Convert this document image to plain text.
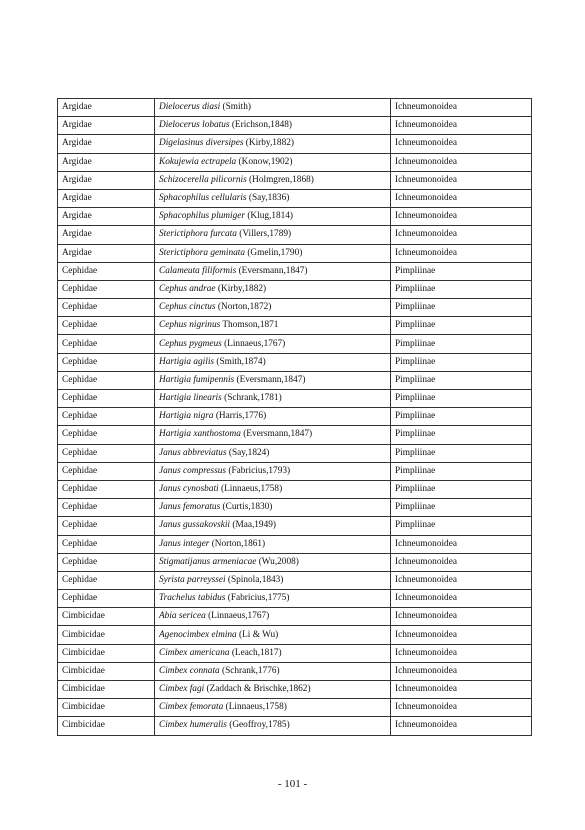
Argidae	Dielocerus diasi (Smith)	Ichneumonoidea
Argidae	Dielocerus lobatus (Erichson,1848)	Ichneumonoidea
Argidae	Digelasinus diversipes (Kirby,1882)	Ichneumonoidea
Argidae	Kokujewia ectrapela (Konow,1902)	Ichneumonoidea
Argidae	Schizocerella pilicornis (Holmgren,1868)	Ichneumonoidea
Argidae	Sphacophilus cellularis (Say,1836)	Ichneumonoidea
Argidae	Sphacophilus plumiger (Klug,1814)	Ichneumonoidea
Argidae	Sterictiphora furcata (Villers,1789)	Ichneumonoidea
Argidae	Sterictiphora geminata (Gmelin,1790)	Ichneumonoidea
Cephidae	Calameuta filiformis (Eversmann,1847)	Pimpliinae
Cephidae	Cephus andrae (Kirby,1882)	Pimpliinae
Cephidae	Cephus cinctus (Norton,1872)	Pimpliinae
Cephidae	Cephus nigrinus Thomson,1871	Pimpliinae
Cephidae	Cephus pygmeus (Linnaeus,1767)	Pimpliinae
Cephidae	Hartigia agilis (Smith,1874)	Pimpliinae
Cephidae	Hartigia fumipennis (Eversmann,1847)	Pimpliinae
Cephidae	Hartigia linearis (Schrank,1781)	Pimpliinae
Cephidae	Hartigia nigra (Harris,1776)	Pimpliinae
Cephidae	Hartigia xanthostoma (Eversmann,1847)	Pimpliinae
Cephidae	Janus abbreviatus (Say,1824)	Pimpliinae
Cephidae	Janus compressus (Fabricius,1793)	Pimpliinae
Cephidae	Janus cynosbati (Linnaeus,1758)	Pimpliinae
Cephidae	Janus femoratus (Curtis,1830)	Pimpliinae
Cephidae	Janus gussakovskii (Maa,1949)	Pimpliinae
Cephidae	Janus integer (Norton,1861)	Ichneumonoidea
Cephidae	Stigmatijanus armeniacae (Wu,2008)	Ichneumonoidea
Cephidae	Syrista parreyssei (Spinola,1843)	Ichneumonoidea
Cephidae	Trachelus tabidus (Fabricius,1775)	Ichneumonoidea
Cimbicidae	Abia sericea (Linnaeus,1767)	Ichneumonoidea
Cimbicidae	Agenocimbex elmina (Li & Wu)	Ichneumonoidea
Cimbicidae	Cimbex americana (Leach,1817)	Ichneumonoidea
Cimbicidae	Cimbex connata (Schrank,1776)	Ichneumonoidea
Cimbicidae	Cimbex fagi (Zaddach & Brischke,1862)	Ichneumonoidea
Cimbicidae	Cimbex femorata (Linnaeus,1758)	Ichneumonoidea
Cimbicidae	Cimbex humeralis (Geoffroy,1785)	Ichneumonoidea
- 101 -
